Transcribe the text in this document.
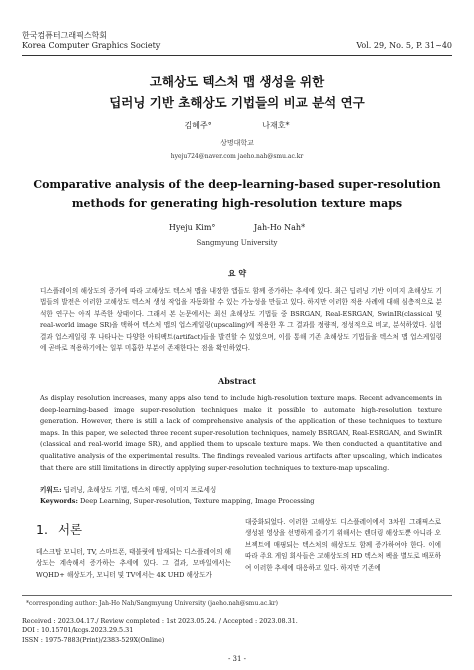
한국컴퓨터그래픽스학회
Korea Computer Graphics Society	Vol. 29, No. 5, P. 31~40
고해상도 텍스처 맵 생성을 위한
딥러닝 기반 초해상도 기법들의 비교 분석 연구
김혜주°	나재호*
상명대학교
hyeju724@naver.com jaeho.nah@smu.ac.kr
Comparative analysis of the deep-learning-based super-resolution
methods for generating high-resolution texture maps
Hyeju Kim°	Jah-Ho Nah*
Sangmyung University
요 약
디스플레이의 해상도의 증가에 따라 고해상도 텍스처 맵을 내장한 앱들도 함께 증가하는 추세에 있다. 최근 딥러닝 기반 이미지 초해상도 기법들의 발전은 이러한 고해상도 텍스처 생성 작업을 자동화할 수 있는 가능성을 만들고 있다. 하지만 이러한 적용 사례에 대해 심층적으로 분석한 연구는 아직 부족한 상태이다. 그래서 본 논문에서는 최신 초해상도 기법들 중 BSRGAN, Real-ESRGAN, SwinIR(classical 및 real-world image SR)을 택하여 텍스처 맵의 업스케일링(upscaling)에 적용한 후 그 결과를 정량적, 정성적으로 비교, 분석하였다. 실험 결과 업스케일링 후 나타나는 다양한 아티팩트(artifact)들을 발견할 수 있었으며, 이를 통해 기존 초해상도 기법들을 텍스처 맵 업스케일링에 곧바로 적용하기에는 일부 미흡한 부분이 존재한다는 점을 확인하였다.
Abstract
As display resolution increases, many apps also tend to include high-resolution texture maps. Recent advancements in deep-learning-based image super-resolution techniques make it possible to automate high-resolution texture generation. However, there is still a lack of comprehensive analysis of the application of these techniques to texture maps. In this paper, we selected three recent super-resolution techniques, namely BSRGAN, Real-ESRGAN, and SwinIR (classical and real-world image SR), and applied them to upscale texture maps. We then conducted a quantitative and qualitative analysis of the experimental results. The findings revealed various artifacts after upscaling, which indicates that there are still limitations in directly applying super-resolution techniques to texture-map upscaling.
키워드: 딥러닝, 초해상도 기법, 텍스처 매핑, 이미지 프로세싱
Keywords: Deep Learning, Super-resolution, Texture mapping, Image Processing
1. 서론
데스크탑 모니터, TV, 스마트폰, 태블릿에 탑재되는 디스플레이의 해상도는 계속해서 증가하는 추세에 있다. 그 결과, 모바일에서는 WQHD+ 해상도가, 모니터 및 TV에서는 4K UHD 해상도가
대중화되었다. 이러한 고해상도 디스플레이에서 3차원 그래픽스로 생성된 영상을 선명하게 즐기기 위해서는 렌더링 해상도뿐 아니라 오브젝트에 매핑되는 텍스처의 해상도도 함께 증가하여야 한다. 이에 따라 주요 게임 회사들은 고해상도의 HD 텍스처 팩을 별도로 배포하여 이러한 추세에 대응하고 있다. 하지만 기존에
*corresponding author: Jah-Ho Nah/Sangmyung University (jaeho.nah@smu.ac.kr)
Received : 2023.04.17./ Review completed : 1st 2023.05.24. / Accepted : 2023.08.31.
DOI : 10.15701/kcgs.2023.29.5.31
ISSN : 1975-7883(Print)/2383-529X(Online)
- 31 -
